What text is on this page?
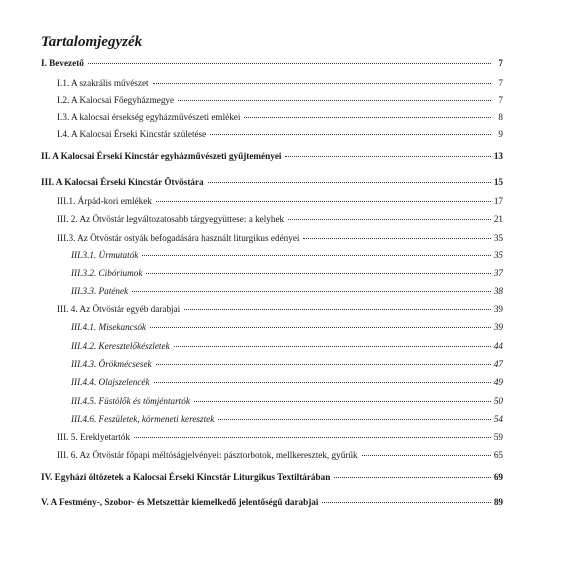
Tartalomjegyzék
I. Bevezető	7
I.1. A szakrális művészet	7
I.2. A Kalocsai Főegyházmegye	7
I.3. A kalocsai érsekség egyházművészeti emlékei	8
I.4. A Kalocsai Érseki Kincstár születése	9
II. A Kalocsai Érseki Kincstár egyházművészeti gyűjteményei	13
III. A Kalocsai Érseki Kincstár Ötvöstára	15
III.1. Árpád-kori emlékek	17
III. 2. Az Ötvöstár legváltozatosabb tárgyegyüttese: a kelyhek	21
III.3. Az Ötvöstár ostyák befogadására használt liturgikus edényei	35
III.3.1. Úrmutatók	35
III.3.2. Cibóriumok	37
III.3.3. Patének	38
III. 4. Az Ötvöstár egyéb darabjai	39
III.4.1. Misekancsók	39
III.4.2. Keresztelőkészletek	44
III.4.3. Örökmécsesek	47
III.4.4. Olajszelencék	49
III.4.5. Füstölők és tömjéntartók	50
III.4.6. Feszületek, körmeneti keresztek	54
III. 5. Ereklyetartók	59
III. 6. Az Ötvöstár főpapi méltóságjelvényei: pásztorbotok, mellkeresztek, gyűrűk	65
IV. Egyházi öltözetek a Kalocsai Érseki Kincstár Liturgikus Textiltárában	69
V. A Festmény-, Szobor- és Metszettár kiemelkedő jelentőségű darabjai	89
